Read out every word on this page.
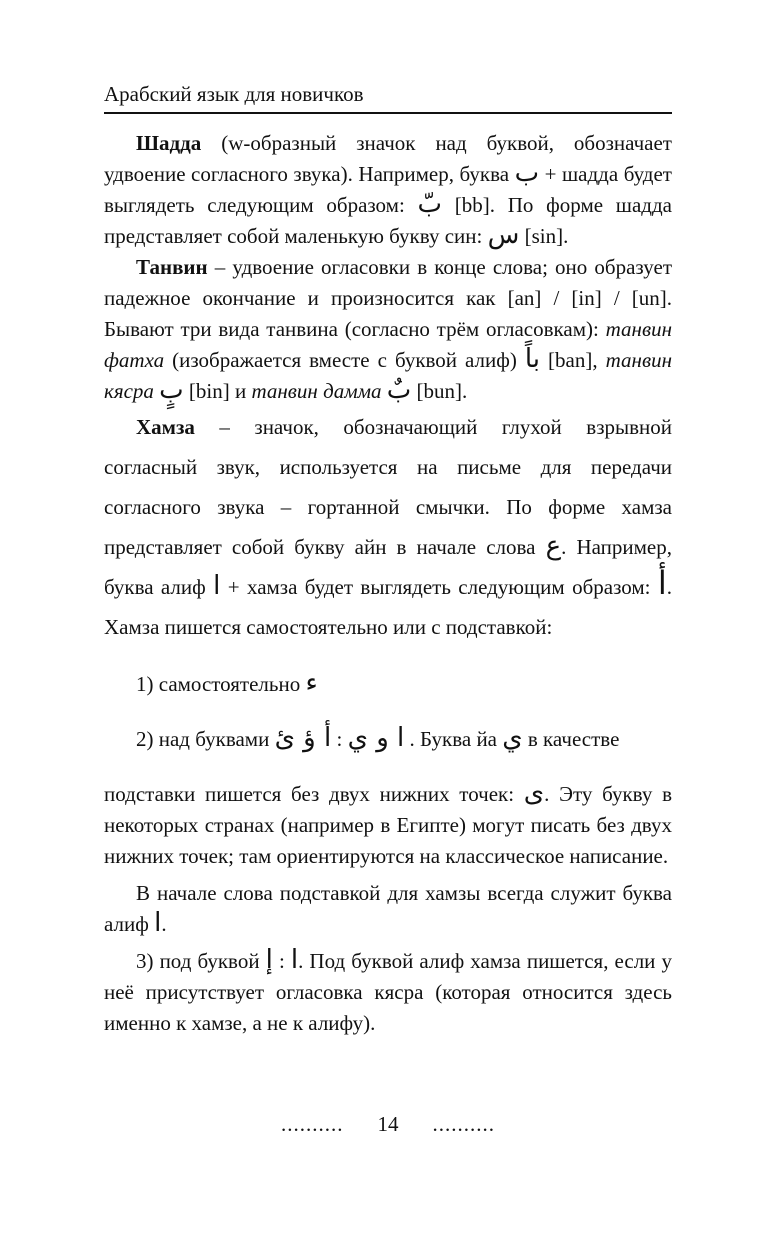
Арабский язык для новичков

Шадда (w-образный значок над буквой, обозначает удвоение согласного звука). Например, буква ب + шадда будет выглядеть следующим образом: بّ [bb]. По форме шадда представляет собой маленькую букву син: س [sin].

Танвин – удвоение огласовки в конце слова; оно образует падежное окончание и произносится как [an] / [in] / [un]. Бывают три вида танвина (согласно трём огласовкам): танвин фатха (изображается вместе с буквой алиф) باً [ban], танвин кясра بٍ [bin] и танвин дамма بٌ [bun].

Хамза – значок, обозначающий глухой взрывной согласный звук, используется на письме для передачи согласного звука – гортанной смычки. По форме хамза представляет собой букву айн в начале слова ع. Например, буква алиф ا + хамза будет выглядеть следующим образом: أ. Хамза пишется самостоятельно или с подставкой:

1) самостоятельно ء

2) над буквами أ ؤ ئ : ا و ي . Буква йа ي в качестве

подставки пишется без двух нижних точек: ى. Эту букву в некоторых странах (например в Египте) могут писать без двух нижних точек; там ориентируются на классическое написание.

В начале слова подставкой для хамзы всегда служит буква алиф ا.

3) под буквой إ : ا. Под буквой алиф хамза пишется, если у неё присутствует огласовка кясра (которая относится здесь именно к хамзе, а не к алифу).

.......... 14 ..........
